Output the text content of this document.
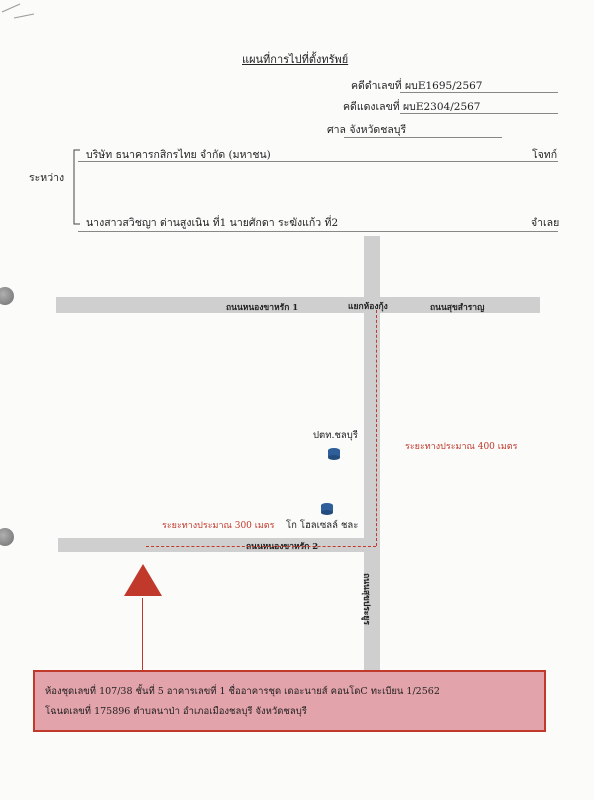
แผนที่การไปที่ตั้งทรัพย์
คดีดำเลขที่ ผบE1695/2567
คดีแดงเลขที่ ผบE2304/2567
ศาล จังหวัดชลบุรี
ระหว่าง
บริษัท ธนาคารกสิกรไทย จำกัด (มหาชน)	โจทก์
นางสาวสวิชญา ด่านสูงเนิน ที่1 นายศักดา ระฆังแก้ว ที่2	จำเลย
ถนนหนองขาหรัก 1	แยกห้องกุ้ง	ถนนสุขสำราญ
ถนนหนองขาหรัก 2
ถนนสุขประยูร
ระยะทางประมาณ 400 เมตร
ระยะทางประมาณ 300 เมตร
ปตท.ชลบุรี
โก โฮลเซลล์ ชละ
ห้องชุดเลขที่ 107/38 ชั้นที่ 5 อาคารเลขที่ 1 ชื่ออาคารชุด เดอะนายส์ คอนโดC ทะเบียน 1/2562
โฉนดเลขที่ 175896 ตำบลนาป่า อำเภอเมืองชลบุรี จังหวัดชลบุรี
